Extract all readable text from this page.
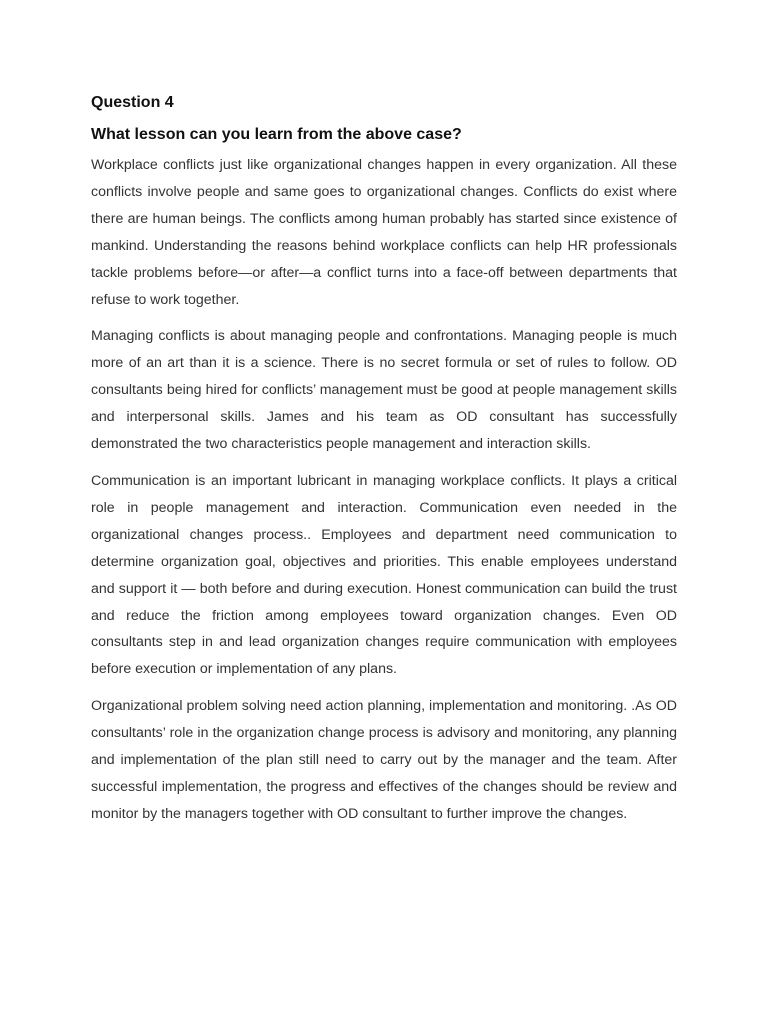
Question 4
What lesson can you learn from the above case?

Workplace conflicts just like organizational changes happen in every organization. All these conflicts involve people and same goes to organizational changes. Conflicts do exist where there are human beings. The conflicts among human probably has started since existence of mankind. Understanding the reasons behind workplace conflicts can help HR professionals tackle problems before—or after—a conflict turns into a face-off between departments that refuse to work together.

Managing conflicts is about managing people and confrontations. Managing people is much more of an art than it is a science. There is no secret formula or set of rules to follow. OD consultants being hired for conflicts’ management must be good at people management skills and interpersonal skills. James and his team as OD consultant has successfully demonstrated the two characteristics people management and interaction skills.

Communication is an important lubricant in managing workplace conflicts. It plays a critical role in people management and interaction. Communication even needed in the organizational changes process.. Employees and department need communication to determine organization goal, objectives and priorities. This enable employees understand and support it — both before and during execution. Honest communication can build the trust and reduce the friction among employees toward organization changes. Even OD consultants step in and lead organization changes require communication with employees before execution or implementation of any plans.

Organizational problem solving need action planning, implementation and monitoring. .As OD consultants’ role in the organization change process is advisory and monitoring, any planning and implementation of the plan still need to carry out by the manager and the team. After successful implementation, the progress and effectives of the changes should be review and monitor by the managers together with OD consultant to further improve the changes.
